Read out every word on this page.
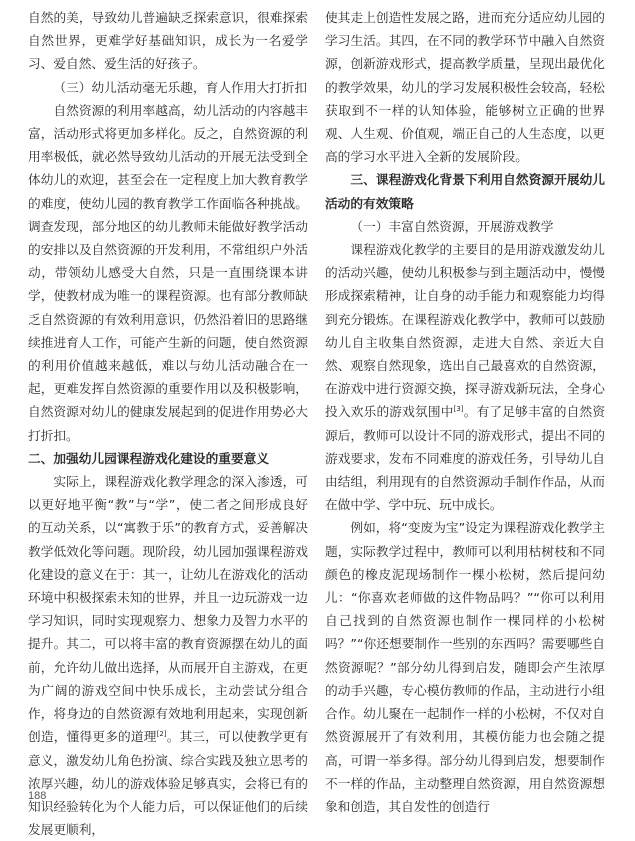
自然的美，导致幼儿普遍缺乏探索意识，很难探索自然世界，更难学好基础知识，成长为一名爱学习、爱自然、爱生活的好孩子。

（三）幼儿活动毫无乐趣，育人作用大打折扣

自然资源的利用率越高，幼儿活动的内容越丰富，活动形式将更加多样化。反之，自然资源的利用率极低，就必然导致幼儿活动的开展无法受到全体幼儿的欢迎，甚至会在一定程度上加大教育教学的难度，使幼儿园的教育教学工作面临各种挑战。调查发现，部分地区的幼儿教师未能做好教学活动的安排以及自然资源的开发利用，不常组织户外活动，带领幼儿感受大自然，只是一直围绕课本讲学，使教材成为唯一的课程资源。也有部分教师缺乏自然资源的有效利用意识，仍然沿着旧的思路继续推进育人工作，可能产生新的问题，使自然资源的利用价值越来越低，难以与幼儿活动融合在一起，更难发挥自然资源的重要作用以及积极影响，自然资源对幼儿的健康发展起到的促进作用势必大打折扣。

二、加强幼儿园课程游戏化建设的重要意义

实际上，课程游戏化教学理念的深入渗透，可以更好地平衡“教”与“学”，使二者之间形成良好的互动关系，以“寓教于乐”的教育方式，妥善解决教学低效化等问题。现阶段，幼儿园加强课程游戏化建设的意义在于：其一，让幼儿在游戏化的活动环境中积极探索未知的世界，并且一边玩游戏一边学习知识，同时实现观察力、想象力及智力水平的提升。其二，可以将丰富的教育资源摆在幼儿的面前，允许幼儿做出选择，从而展开自主游戏，在更为广阔的游戏空间中快乐成长，主动尝试分组合作，将身边的自然资源有效地利用起来，实现创新创造，懂得更多的道理[2]。其三，可以使教学更有意义，激发幼儿角色扮演、综合实践及独立思考的浓厚兴趣，幼儿的游戏体验足够真实，会将已有的知识经验转化为个人能力后，可以保证他们的后续发展更顺利，

使其走上创造性发展之路，进而充分适应幼儿园的学习生活。其四，在不同的教学环节中融入自然资源，创新游戏形式，提高教学质量，呈现出最优化的教学效果，幼儿的学习发展积极性会较高，轻松获取到不一样的认知体验，能够树立正确的世界观、人生观、价值观，端正自己的人生态度，以更高的学习水平进入全新的发展阶段。

三、课程游戏化背景下利用自然资源开展幼儿活动的有效策略

（一）丰富自然资源，开展游戏教学

课程游戏化教学的主要目的是用游戏激发幼儿的活动兴趣，使幼儿积极参与到主题活动中，慢慢形成探索精神，让自身的动手能力和观察能力均得到充分锻炼。在课程游戏化教学中，教师可以鼓励幼儿自主收集自然资源，走进大自然、亲近大自然、观察自然现象，选出自己最喜欢的自然资源，在游戏中进行资源交换，探寻游戏新玩法，全身心投入欢乐的游戏氛围中[3]。有了足够丰富的自然资源后，教师可以设计不同的游戏形式，提出不同的游戏要求，发布不同难度的游戏任务，引导幼儿自由结组，利用现有的自然资源动手制作作品，从而在做中学、学中玩、玩中成长。

例如，将“变废为宝”设定为课程游戏化教学主题，实际教学过程中，教师可以利用枯树枝和不同颜色的橡皮泥现场制作一棵小松树，然后提问幼儿：“你喜欢老师做的这件物品吗？”“你可以利用自己找到的自然资源也制作一棵同样的小松树吗？”“你还想要制作一些别的东西吗？需要哪些自然资源呢？”部分幼儿得到启发，随即会产生浓厚的动手兴趣，专心模仿教师的作品，主动进行小组合作。幼儿聚在一起制作一样的小松树，不仅对自然资源展开了有效利用，其模仿能力也会随之提高，可谓一举多得。部分幼儿得到启发，想要制作不一样的作品，主动整理自然资源，用自然资源想象和创造，其自发性的创造行

188
